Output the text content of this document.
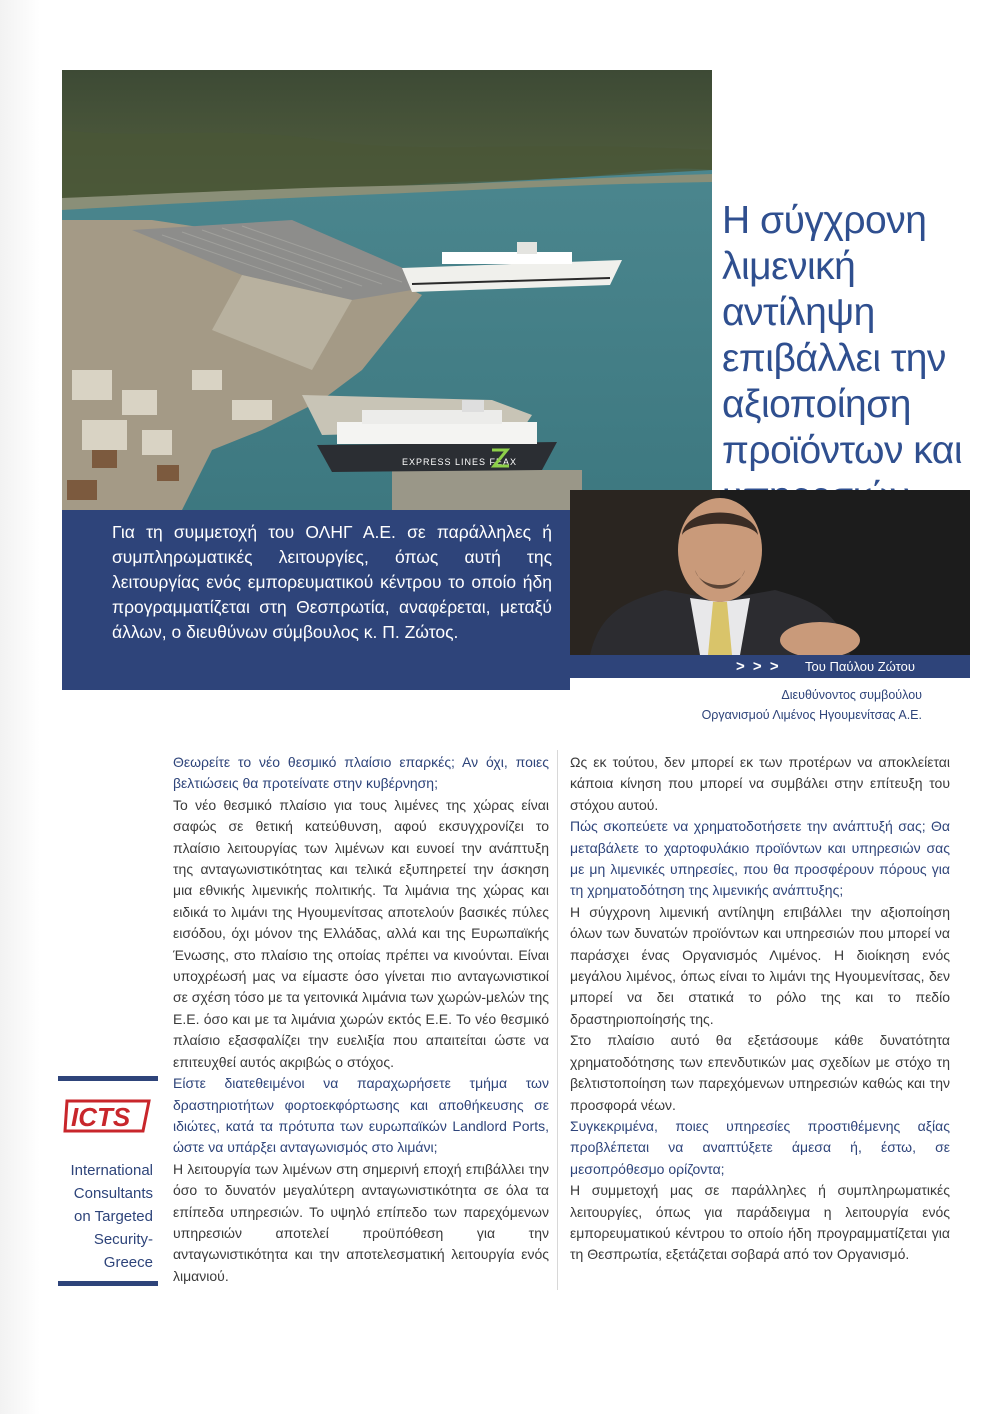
EXPRESS LINES FEAX
Η σύγχρονη
λιμενική
αντίληψη
επιβάλλει την
αξιοποίηση
προϊόντων και
Για τη συμμετοχή του ΟΛΗΓ Α.Ε. σε παράλληλες ή συμπληρωματικές λειτουργίες, όπως αυτή της λειτουργίας ενός εμπορευματικού κέντρου το οποίο ήδη προγραμματίζεται στη Θεσπρωτία, αναφέρεται, μεταξύ άλλων, ο διευθύνων σύμβουλος κ. Π. Ζώτος.
> > > Του Παύλου Ζώτου
Διευθύνοντος συμβούλου
Οργανισμού Λιμένος Ηγουμενίτσας Α.Ε.

Θεωρείτε το νέο θεσμικό πλαίσιο επαρκές; Αν όχι, ποιες βελτιώσεις θα προτείνατε στην κυβέρνηση;

Το νέο θεσμικό πλαίσιο για τους λιμένες της χώρας είναι σαφώς σε θετική κατεύθυνση, αφού εκσυγχρονίζει το πλαίσιο λειτουργίας των λιμένων και ευνοεί την ανάπτυξη της ανταγωνιστικότητας και τελικά εξυπηρετεί την άσκηση μια εθνικής λιμενικής πολιτικής. Τα λιμάνια της χώρας και ειδικά το λιμάνι της Ηγουμενίτσας αποτελούν βασικές πύλες εισόδου, όχι μόνον της Ελλάδας, αλλά και της Ευρωπαϊκής Ένωσης, στο πλαίσιο της οποίας πρέπει να κινούνται. Είναι υποχρέωσή μας να είμαστε όσο γίνεται πιο ανταγωνιστικοί σε σχέση τόσο με τα γειτονικά λιμάνια των χωρών-μελών της Ε.Ε. όσο και με τα λιμάνια χωρών εκτός Ε.Ε. Το νέο θεσμικό πλαίσιο εξασφαλίζει την ευελιξία που απαιτείται ώστε να επιτευχθεί αυτός ακριβώς ο στόχος.

Είστε διατεθειμένοι να παραχωρήσετε τμήμα των δραστηριοτήτων φορτοεκφόρτωσης και αποθήκευσης σε ιδιώτες, κατά τα πρότυπα των ευρωπαϊκών Landlord Ports, ώστε να υπάρξει ανταγωνισμός στο λιμάνι;

Η λειτουργία των λιμένων στη σημερινή εποχή επιβάλλει την όσο το δυνατόν μεγαλύτερη ανταγωνιστικότητα σε όλα τα επίπεδα υπηρεσιών. Το υψηλό επίπεδο των παρεχόμενων υπηρεσιών αποτελεί προϋπόθεση για την ανταγωνιστικότητα και την αποτελεσματική λειτουργία ενός λιμανιού.

Ως εκ τούτου, δεν μπορεί εκ των προτέρων να αποκλείεται κάποια κίνηση που μπορεί να συμβάλει στην επίτευξη του στόχου αυτού.

Πώς σκοπεύετε να χρηματοδοτήσετε την ανάπτυξή σας; Θα μεταβάλετε το χαρτοφυλάκιο προϊόντων και υπηρεσιών σας με μη λιμενικές υπηρεσίες, που θα προσφέρουν πόρους για τη χρηματοδότηση της λιμενικής ανάπτυξης;

Η σύγχρονη λιμενική αντίληψη επιβάλλει την αξιοποίηση όλων των δυνατών προϊόντων και υπηρεσιών που μπορεί να παράσχει ένας Οργανισμός Λιμένος. Η διοίκηση ενός μεγάλου λιμένος, όπως είναι το λιμάνι της Ηγουμενίτσας, δεν μπορεί να δει στατικά το ρόλο της και το πεδίο δραστηριοποίησής της.

Στο πλαίσιο αυτό θα εξετάσουμε κάθε δυνατότητα χρηματοδότησης των επενδυτικών μας σχεδίων με στόχο τη βελτιστοποίηση των παρεχόμενων υπηρεσιών καθώς και την προσφορά νέων.

Συγκεκριμένα, ποιες υπηρεσίες προστιθέμενης αξίας προβλέπεται να αναπτύξετε άμεσα ή, έστω, σε μεσοπρόθεσμο ορίζοντα;

Η συμμετοχή μας σε παράλληλες ή συμπληρωματικές λειτουργίες, όπως για παράδειγμα η λειτουργία ενός εμπορευματικού κέντρου το οποίο ήδη προγραμματίζεται για τη Θεσπρωτία, εξετάζεται σοβαρά από τον Οργανισμό.

ICTS
International
Consultants
on Targeted
Security-
Greece
